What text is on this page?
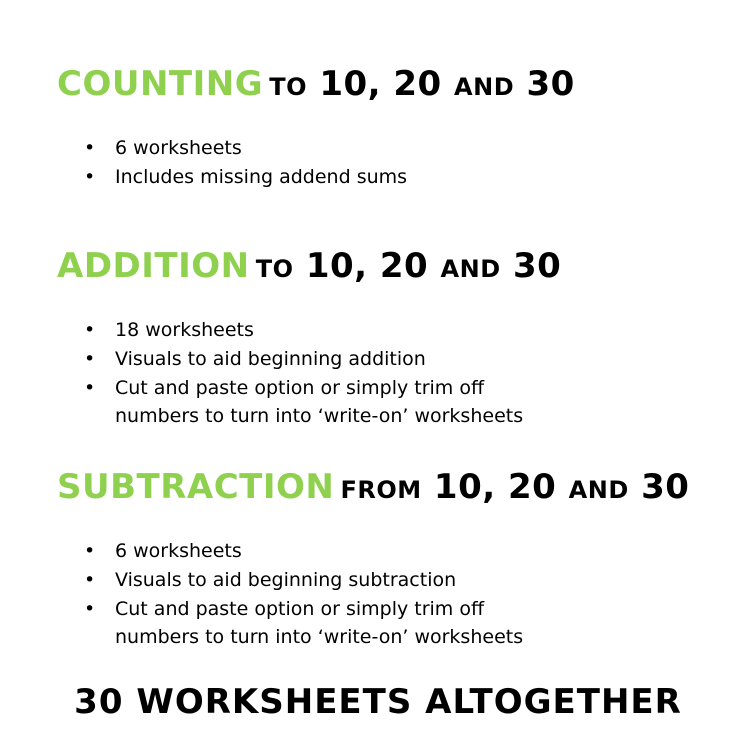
COUNTING to 10, 20 and 30
• 6 worksheets
• Includes missing addend sums
ADDITION to 10, 20 and 30
• 18 worksheets
• Visuals to aid beginning addition
• Cut and paste option or simply trim off
numbers to turn into ‘write-on’ worksheets
SUBTRACTION from 10, 20 and 30
• 6 worksheets
• Visuals to aid beginning subtraction
• Cut and paste option or simply trim off
numbers to turn into ‘write-on’ worksheets
30 WORKSHEETS ALTOGETHER
